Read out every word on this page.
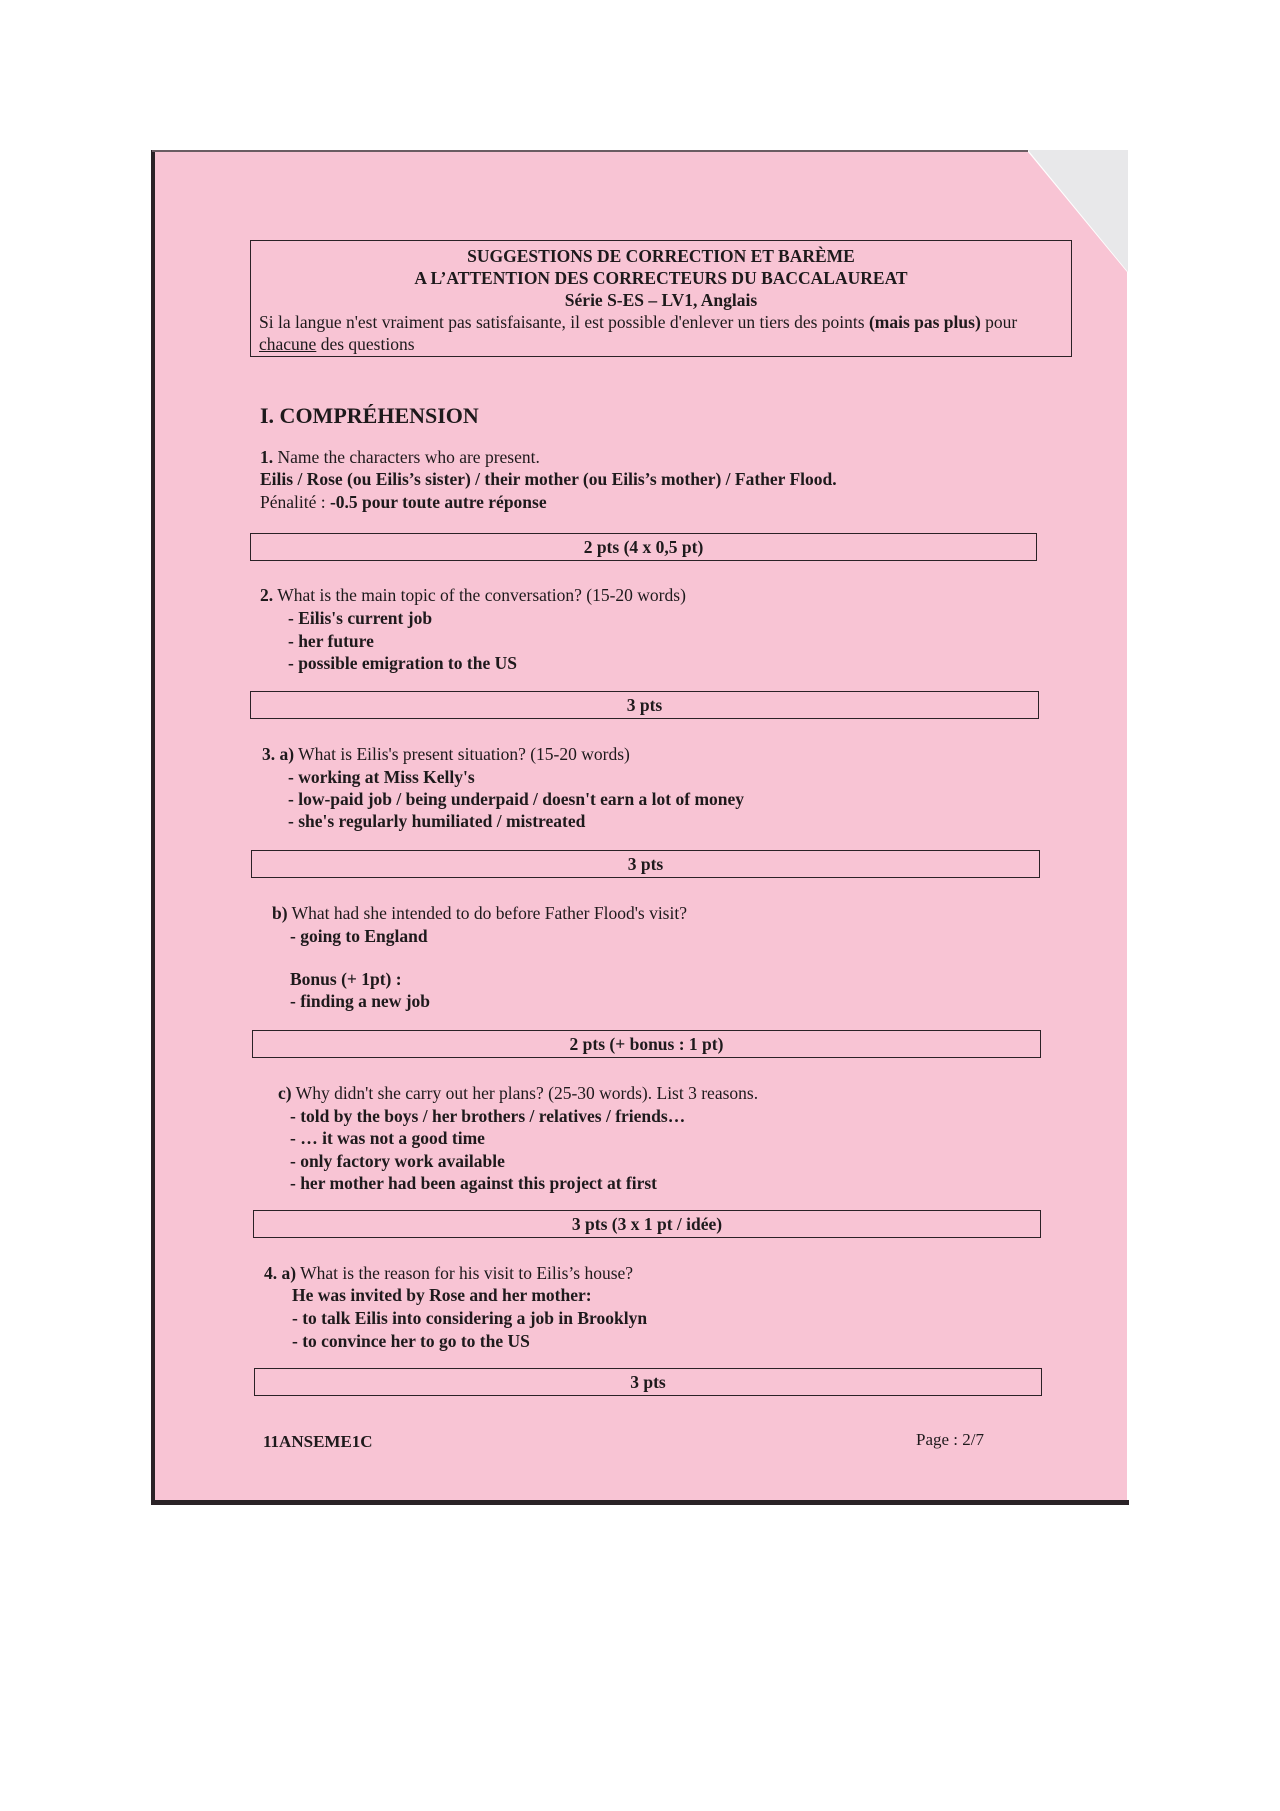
SUGGESTIONS DE CORRECTION ET BARÈME
A L’ATTENTION DES CORRECTEURS DU BACCALAUREAT
Série S-ES – LV1, Anglais
Si la langue n'est vraiment pas satisfaisante, il est possible d'enlever un tiers des points (mais pas plus) pour chacune des questions
I. COMPRÉHENSION
1. Name the characters who are present.
Eilis / Rose (ou Eilis’s sister) / their mother (ou Eilis’s mother) / Father Flood.
Pénalité : -0.5 pour toute autre réponse
2 pts (4 x 0,5 pt)
2. What is the main topic of the conversation? (15-20 words)
- Eilis's current job
- her future
- possible emigration to the US
3 pts
3. a) What is Eilis's present situation? (15-20 words)
- working at Miss Kelly's
- low-paid job / being underpaid / doesn't earn a lot of money
- she's regularly humiliated / mistreated
3 pts
b) What had she intended to do before Father Flood's visit?
- going to England
Bonus (+ 1pt) :
- finding a new job
2 pts (+ bonus : 1 pt)
c) Why didn't she carry out her plans? (25-30 words). List 3 reasons.
- told by the boys / her brothers / relatives / friends…
- … it was not a good time
- only factory work available
- her mother had been against this project at first
3 pts (3 x 1 pt / idée)
4. a) What is the reason for his visit to Eilis’s house?
He was invited by Rose and her mother:
- to talk Eilis into considering a job in Brooklyn
- to convince her to go to the US
3 pts
11ANSEME1C	Page : 2/7
